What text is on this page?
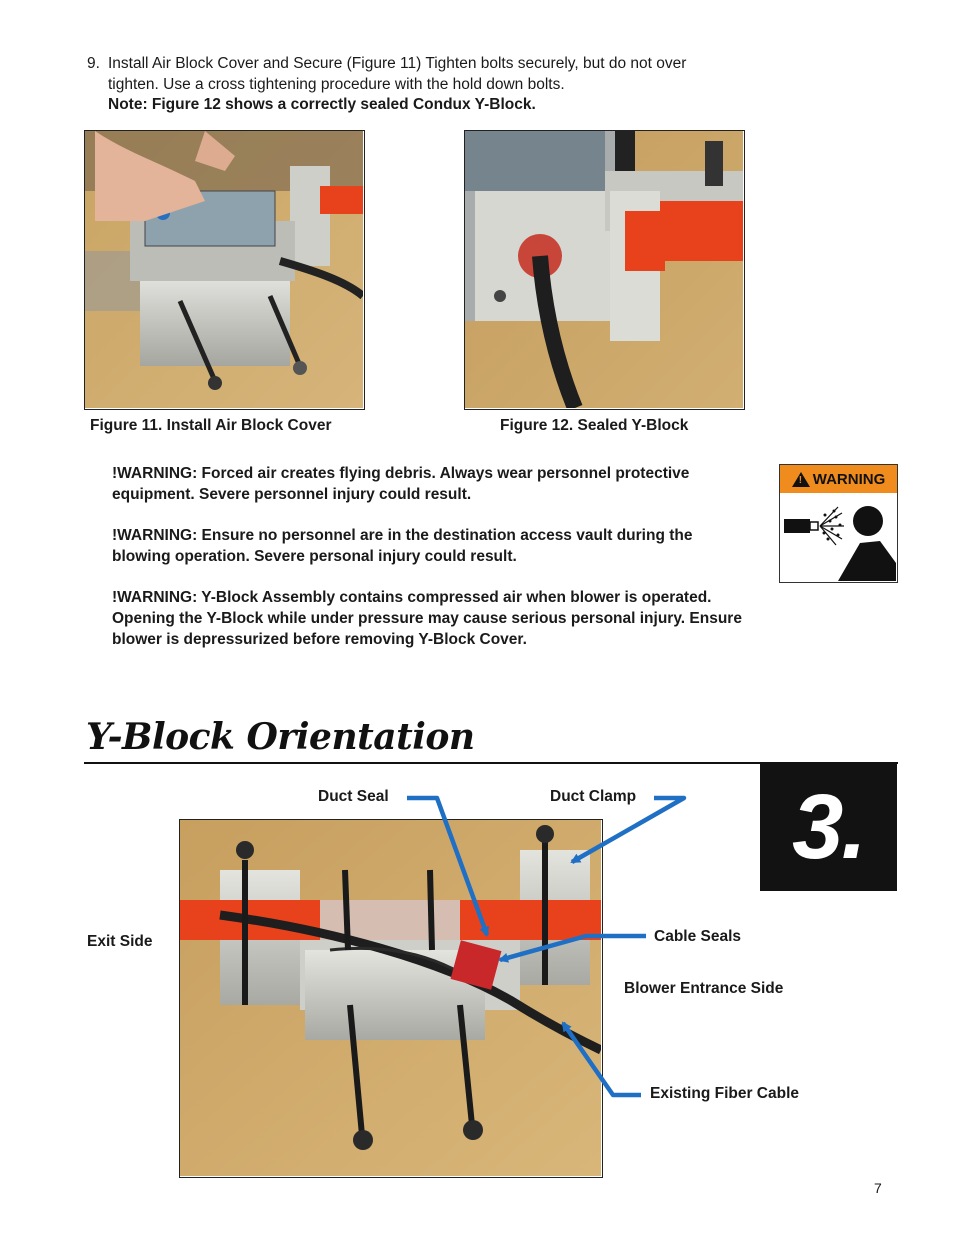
9. Install Air Block Cover and Secure (Figure 11) Tighten bolts securely, but do not over tighten. Use a cross tightening procedure with the hold down bolts.
Note: Figure 12 shows a correctly sealed Condux Y-Block.
Figure 11. Install Air Block Cover	Figure 12. Sealed Y-Block

!WARNING: Forced air creates flying debris. Always wear personnel protective equipment. Severe personnel injury could result.

!WARNING: Ensure no personnel are in the destination access vault during the blowing operation. Severe personal injury could result.

!WARNING: Y-Block Assembly contains compressed air when blower is operated. Opening the Y-Block while under pressure may cause serious personal injury. Ensure blower is depressurized before removing Y-Block Cover.

!
WARNING
Y-Block Orientation
3.
Duct Seal	Duct Clamp
Exit Side	Cable Seals
Blower Entrance Side
Existing Fiber Cable
7
